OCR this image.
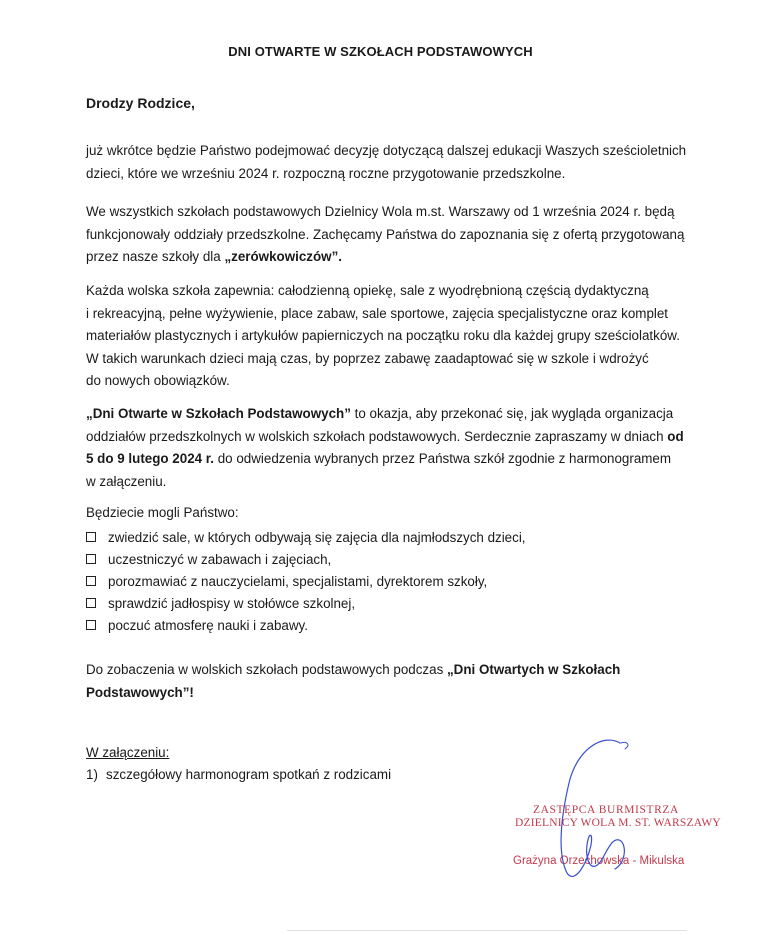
DNI OTWARTE W SZKOŁACH PODSTAWOWYCH
Drodzy Rodzice,
już wkrótce będzie Państwo podejmować decyzję dotyczącą dalszej edukacji Waszych sześcioletnich
dzieci, które we wrześniu 2024 r. rozpoczną roczne przygotowanie przedszkolne.
We wszystkich szkołach podstawowych Dzielnicy Wola m.st. Warszawy od 1 września 2024 r. będą
funkcjonowały oddziały przedszkolne. Zachęcamy Państwa do zapoznania się z ofertą przygotowaną
przez nasze szkoły dla „zerówkowiczów”.
Każda wolska szkoła zapewnia: całodzienną opiekę, sale z wyodrębnioną częścią dydaktyczną
i rekreacyjną, pełne wyżywienie, place zabaw, sale sportowe, zajęcia specjalistyczne oraz komplet
materiałów plastycznych i artykułów papierniczych na początku roku dla każdej grupy sześciolatków.
W takich warunkach dzieci mają czas, by poprzez zabawę zaadaptować się w szkole i wdrożyć
do nowych obowiązków.
„Dni Otwarte w Szkołach Podstawowych” to okazja, aby przekonać się, jak wygląda organizacja
oddziałów przedszkolnych w wolskich szkołach podstawowych. Serdecznie zapraszamy w dniach od
5 do 9 lutego 2024 r. do odwiedzenia wybranych przez Państwa szkół zgodnie z harmonogramem
w załączeniu.
Będziecie mogli Państwo:
zwiedzić sale, w których odbywają się zajęcia dla najmłodszych dzieci,
uczestniczyć w zabawach i zajęciach,
porozmawiać z nauczycielami, specjalistami, dyrektorem szkoły,
sprawdzić jadłospisy w stołówce szkolnej,
poczuć atmosferę nauki i zabawy.
Do zobaczenia w wolskich szkołach podstawowych podczas „Dni Otwartych w Szkołach
Podstawowych”!
W załączeniu:
1) szczegółowy harmonogram spotkań z rodzicami
ZASTĘPCA BURMISTRZA
DZIELNICY WOLA M. ST. WARSZAWY
Grażyna Orzechowska - Mikulska
